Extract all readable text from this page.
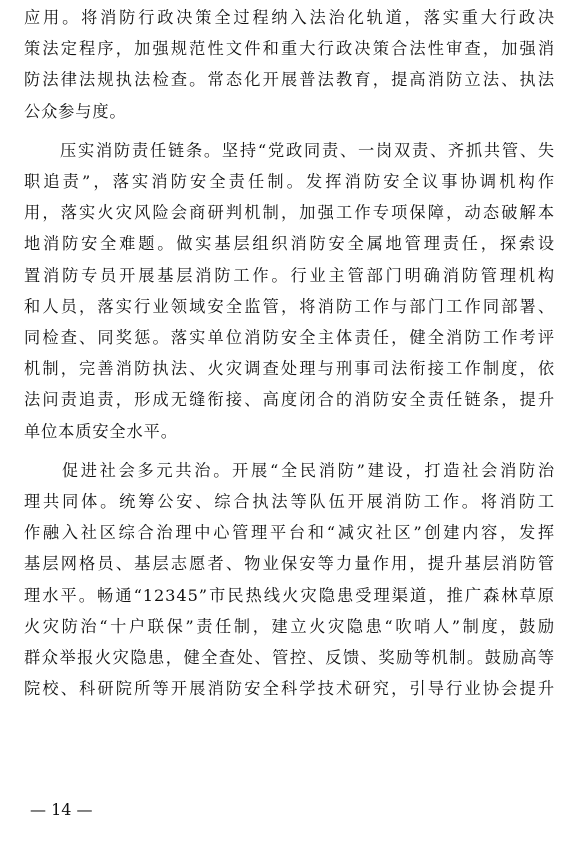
应用。将消防行政决策全过程纳入法治化轨道，落实重大行政决

策法定程序，加强规范性文件和重大行政决策合法性审查，加强消

防法律法规执法检查。常态化开展普法教育，提高消防立法、执法

公众参与度。

　　压实消防责任链条。坚持“党政同责、一岗双责、齐抓共管、失

职追责”，落实消防安全责任制。发挥消防安全议事协调机构作

用，落实火灾风险会商研判机制，加强工作专项保障，动态破解本

地消防安全难题。做实基层组织消防安全属地管理责任，探索设

置消防专员开展基层消防工作。行业主管部门明确消防管理机构

和人员，落实行业领域安全监管，将消防工作与部门工作同部署、

同检查、同奖惩。落实单位消防安全主体责任，健全消防工作考评

机制，完善消防执法、火灾调查处理与刑事司法衔接工作制度，依

法问责追责，形成无缝衔接、高度闭合的消防安全责任链条，提升

单位本质安全水平。

　　促进社会多元共治。开展“全民消防”建设，打造社会消防治

理共同体。统筹公安、综合执法等队伍开展消防工作。将消防工

作融入社区综合治理中心管理平台和“减灾社区”创建内容，发挥

基层网格员、基层志愿者、物业保安等力量作用，提升基层消防管

理水平。畅通“12345”市民热线火灾隐患受理渠道，推广森林草原

火灾防治“十户联保”责任制，建立火灾隐患“吹哨人”制度，鼓励

群众举报火灾隐患，健全查处、管控、反馈、奖励等机制。鼓励高等

院校、科研院所等开展消防安全科学技术研究，引导行业协会提升

— 14 —
